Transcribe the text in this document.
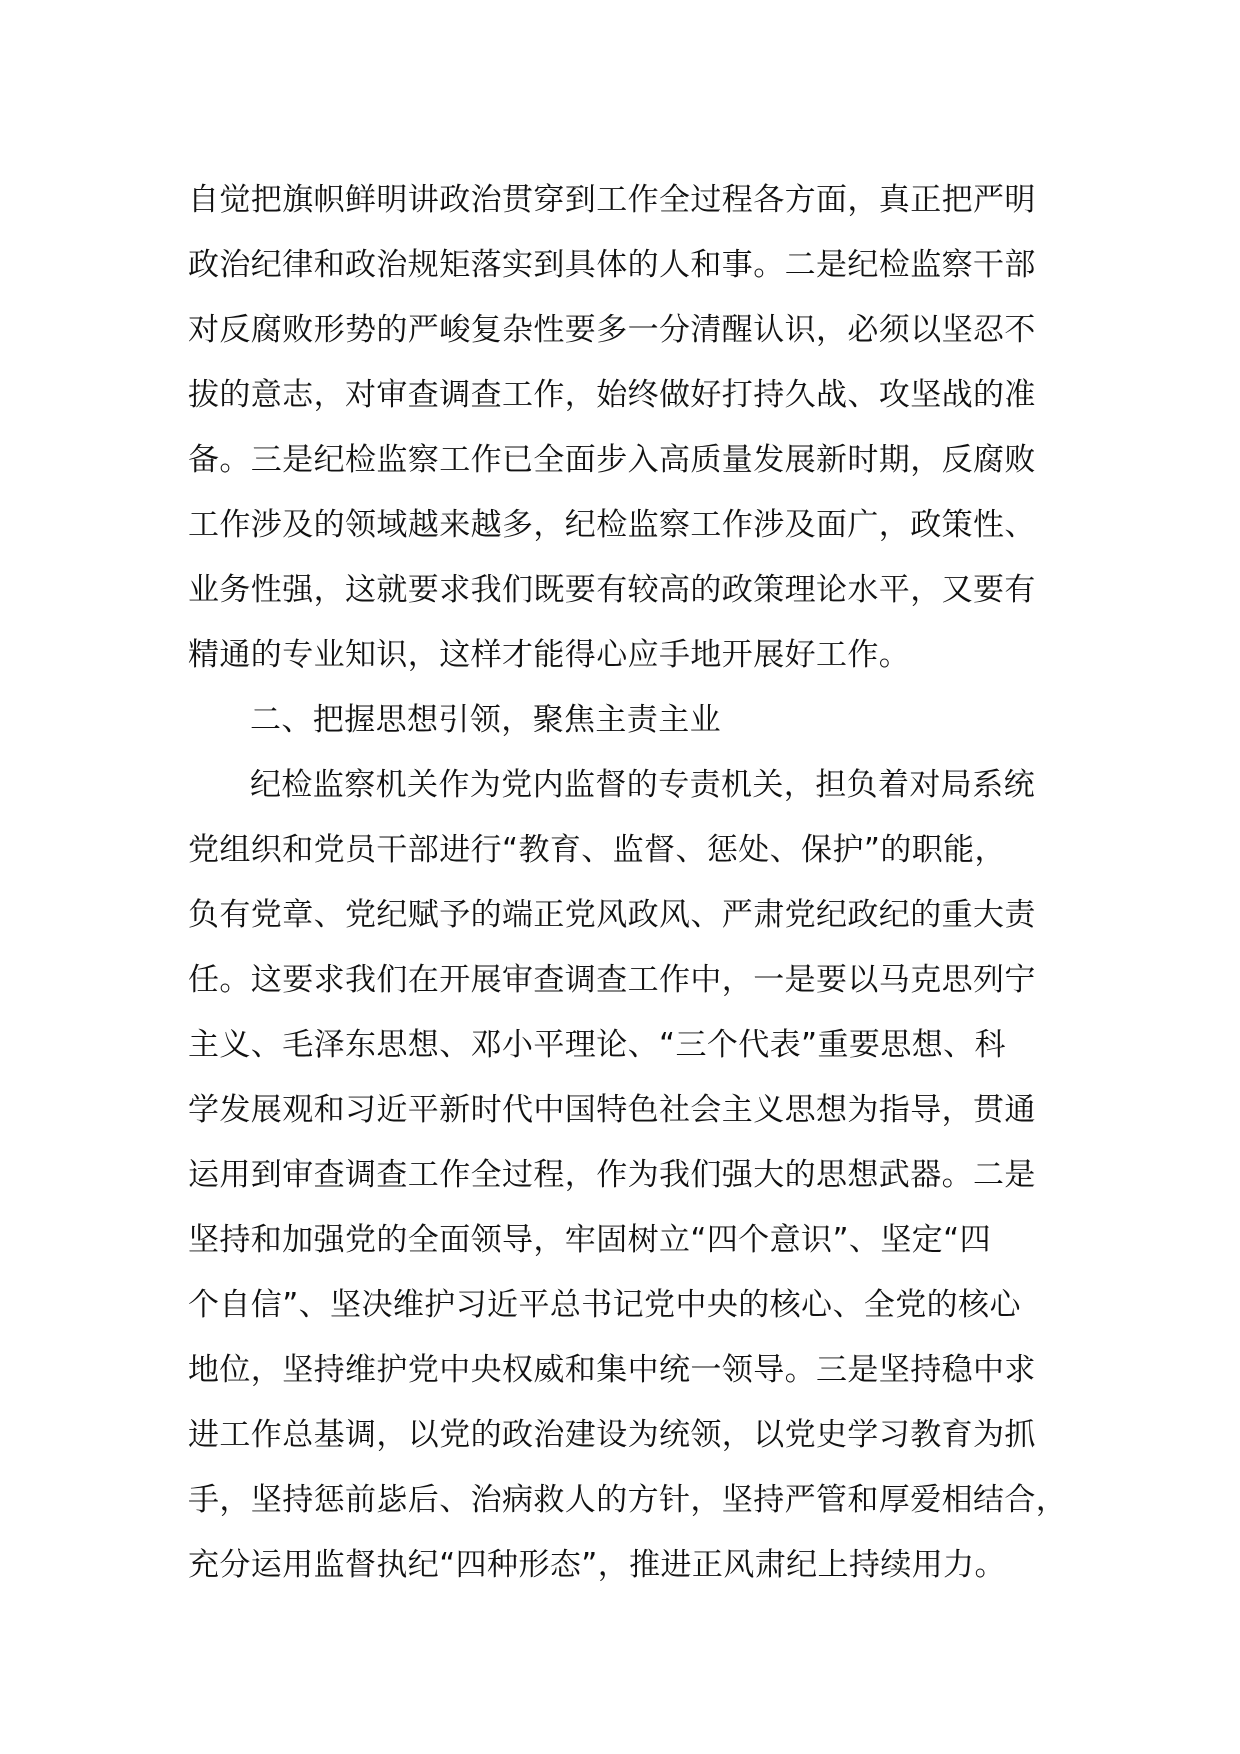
自觉把旗帜鲜明讲政治贯穿到工作全过程各方面，真正把严明
政治纪律和政治规矩落实到具体的人和事。二是纪检监察干部
对反腐败形势的严峻复杂性要多一分清醒认识，必须以坚忍不
拔的意志，对审查调查工作，始终做好打持久战、攻坚战的准
备。三是纪检监察工作已全面步入高质量发展新时期，反腐败
工作涉及的领域越来越多，纪检监察工作涉及面广，政策性、
业务性强，这就要求我们既要有较高的政策理论水平，又要有
精通的专业知识，这样才能得心应手地开展好工作。
二、把握思想引领，聚焦主责主业
纪检监察机关作为党内监督的专责机关，担负着对局系统
党组织和党员干部进行“教育、监督、惩处、保护”的职能，
负有党章、党纪赋予的端正党风政风、严肃党纪政纪的重大责
任。这要求我们在开展审查调查工作中，一是要以马克思列宁
主义、毛泽东思想、邓小平理论、“三个代表”重要思想、科
学发展观和习近平新时代中国特色社会主义思想为指导，贯通
运用到审查调查工作全过程，作为我们强大的思想武器。二是
坚持和加强党的全面领导，牢固树立“四个意识”、坚定“四
个自信”、坚决维护习近平总书记党中央的核心、全党的核心
地位，坚持维护党中央权威和集中统一领导。三是坚持稳中求
进工作总基调，以党的政治建设为统领，以党史学习教育为抓
手，坚持惩前毖后、治病救人的方针，坚持严管和厚爱相结合，
充分运用监督执纪“四种形态”，推进正风肃纪上持续用力。
